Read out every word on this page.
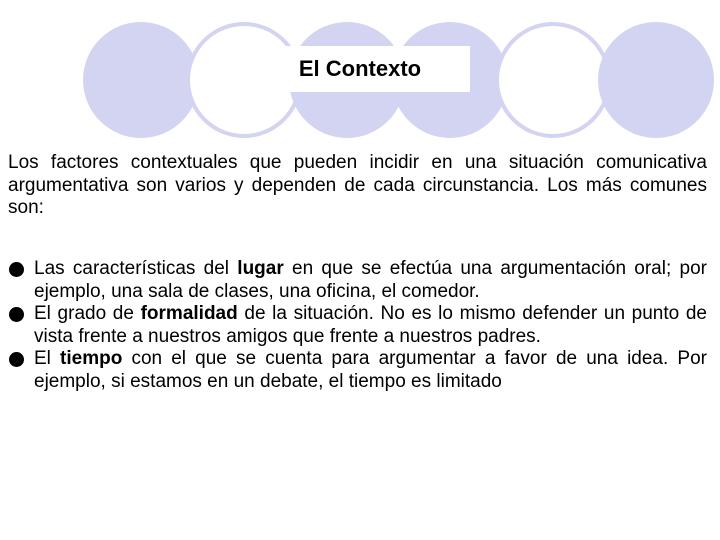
El Contexto

Los factores contextuales que pueden incidir en una situación comunicativa argumentativa son varios y dependen de cada circunstancia. Los más comunes son:

Las características del lugar en que se efectúa una argumentación oral; por ejemplo, una sala de clases, una oficina, el comedor.
El grado de formalidad de la situación. No es lo mismo defender un punto de vista frente a nuestros amigos que frente a nuestros padres.
El tiempo con el que se cuenta para argumentar a favor de una idea. Por ejemplo, si estamos en un debate, el tiempo es limitado
